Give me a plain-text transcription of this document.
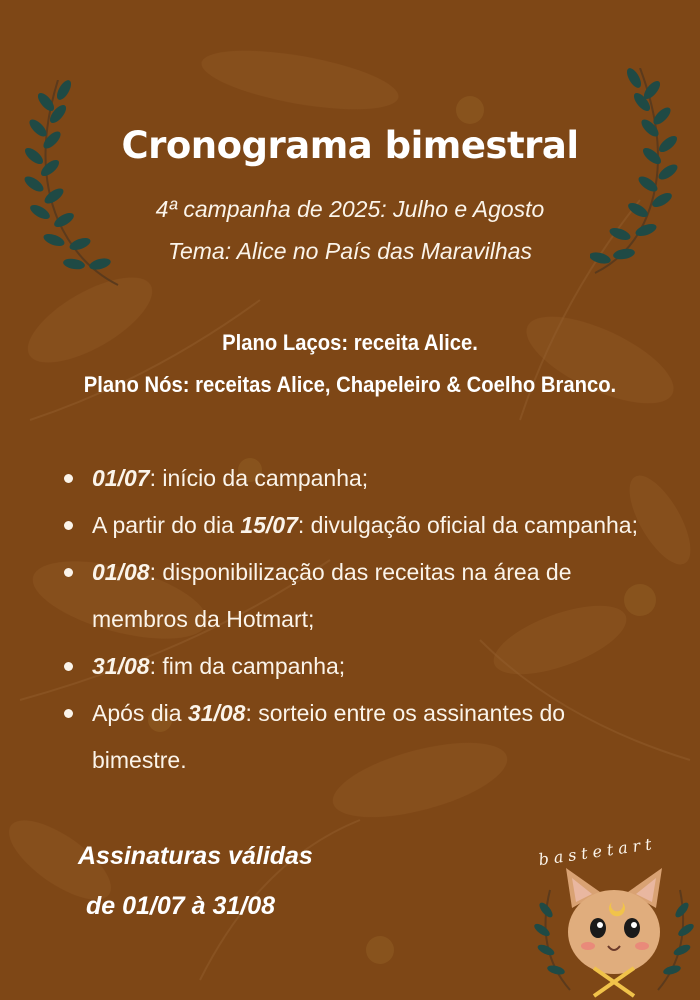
Cronograma bimestral

4ª campanha de 2025: Julho e Agosto

Tema: Alice no País das Maravilhas

Plano Laços: receita Alice.

Plano Nós: receitas Alice, Chapeleiro & Coelho Branco.

01/07: início da campanha;
A partir do dia 15/07: divulgação oficial da campanha;
01/08: disponibilização das receitas na área de
membros da Hotmart;
31/08: fim da campanha;
Após dia 31/08: sorteio entre os assinantes do
bimestre.

Assinaturas válidas

de 01/07 à 31/08

bastetart
